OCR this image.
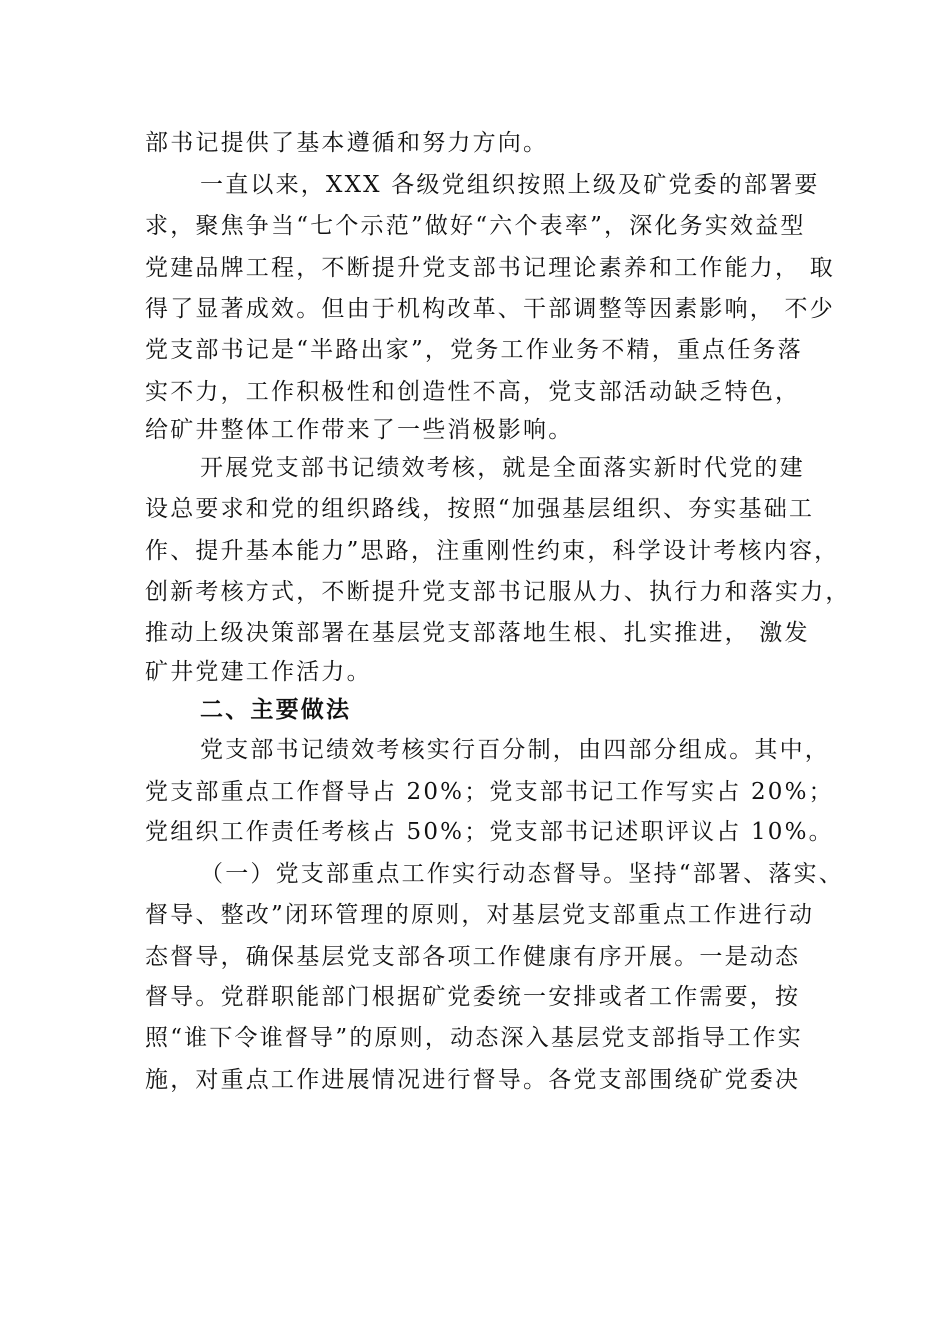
部书记提供了基本遵循和努力方向。
一直以来，XXX 各级党组织按照上级及矿党委的部署要
求，聚焦争当“七个示范”做好“六个表率”，深化务实效益型
党建品牌工程，不断提升党支部书记理论素养和工作能力， 取
得了显著成效。但由于机构改革、干部调整等因素影响， 不少
党支部书记是“半路出家”，党务工作业务不精，重点任务落
实不力，工作积极性和创造性不高，党支部活动缺乏特色，
给矿井整体工作带来了一些消极影响。
开展党支部书记绩效考核，就是全面落实新时代党的建
设总要求和党的组织路线，按照“加强基层组织、夯实基础工
作、提升基本能力”思路，注重刚性约束，科学设计考核内容，
创新考核方式，不断提升党支部书记服从力、执行力和落实力，
推动上级决策部署在基层党支部落地生根、扎实推进， 激发
矿井党建工作活力。
二、主要做法
党支部书记绩效考核实行百分制，由四部分组成。其中，
党支部重点工作督导占 20%；党支部书记工作写实占 20%；
党组织工作责任考核占 50%；党支部书记述职评议占 10%。
（一）党支部重点工作实行动态督导。坚持“部署、落实、
督导、整改”闭环管理的原则，对基层党支部重点工作进行动
态督导，确保基层党支部各项工作健康有序开展。一是动态
督导。党群职能部门根据矿党委统一安排或者工作需要，按
照“谁下令谁督导”的原则，动态深入基层党支部指导工作实
施，对重点工作进展情况进行督导。各党支部围绕矿党委决
